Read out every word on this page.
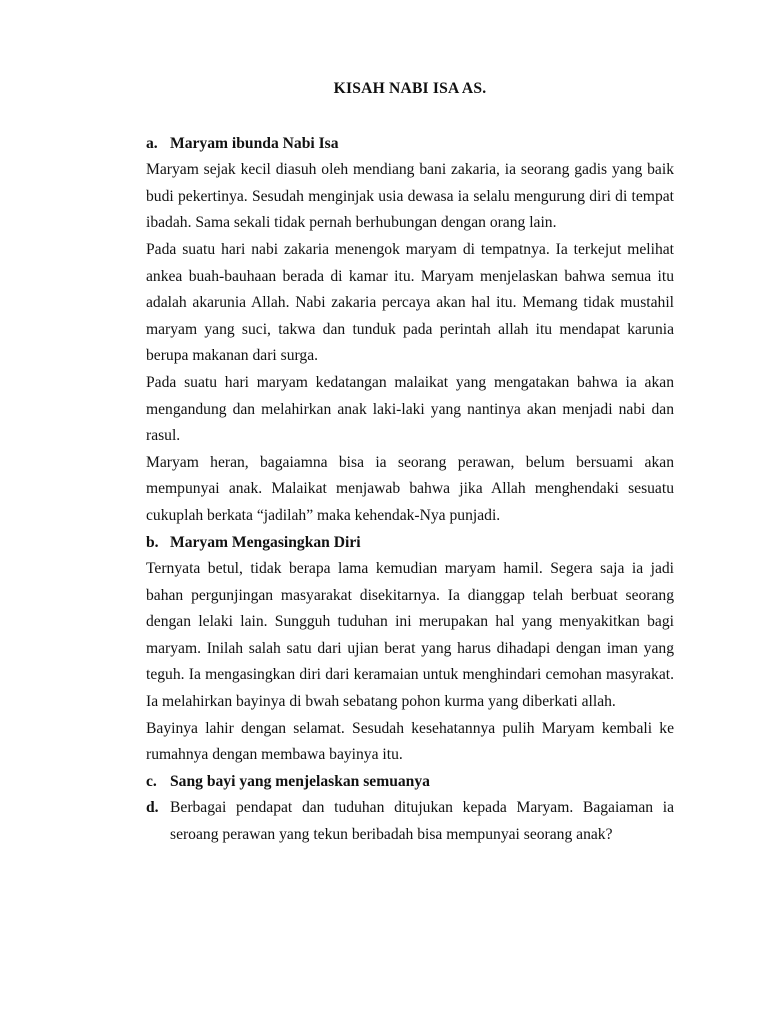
KISAH NABI ISA AS.
a. Maryam ibunda Nabi Isa

Maryam sejak kecil diasuh oleh mendiang bani zakaria, ia seorang gadis yang baik budi pekertinya. Sesudah menginjak usia dewasa ia selalu mengurung diri di tempat ibadah. Sama sekali tidak pernah berhubungan dengan orang lain.

Pada suatu hari nabi zakaria menengok maryam di tempatnya. Ia terkejut melihat ankea buah-bauhaan berada di kamar itu. Maryam menjelaskan bahwa semua itu adalah akarunia Allah. Nabi zakaria percaya akan hal itu. Memang tidak mustahil maryam yang suci, takwa dan tunduk pada perintah allah itu mendapat karunia berupa makanan dari surga.

Pada suatu hari maryam kedatangan malaikat yang mengatakan bahwa ia akan mengandung dan melahirkan anak laki-laki yang nantinya akan menjadi nabi dan rasul.

Maryam heran, bagaiamna bisa ia seorang perawan, belum bersuami akan mempunyai anak. Malaikat menjawab bahwa jika Allah menghendaki sesuatu cukuplah berkata “jadilah” maka kehendak-Nya punjadi.

b. Maryam Mengasingkan Diri

Ternyata betul, tidak berapa lama kemudian maryam hamil. Segera saja ia jadi bahan pergunjingan masyarakat disekitarnya. Ia dianggap telah berbuat seorang dengan lelaki lain. Sungguh tuduhan ini merupakan hal yang menyakitkan bagi maryam. Inilah salah satu dari ujian berat yang harus dihadapi dengan iman yang teguh. Ia mengasingkan diri dari keramaian untuk menghindari cemohan masyrakat. Ia melahirkan bayinya di bwah sebatang pohon kurma yang diberkati allah.

Bayinya lahir dengan selamat. Sesudah kesehatannya pulih Maryam kembali ke rumahnya dengan membawa bayinya itu.

c. Sang bayi yang menjelaskan semuanya
d. Berbagai pendapat dan tuduhan ditujukan kepada Maryam. Bagaiaman ia seroang perawan yang tekun beribadah bisa mempunyai seorang anak?
